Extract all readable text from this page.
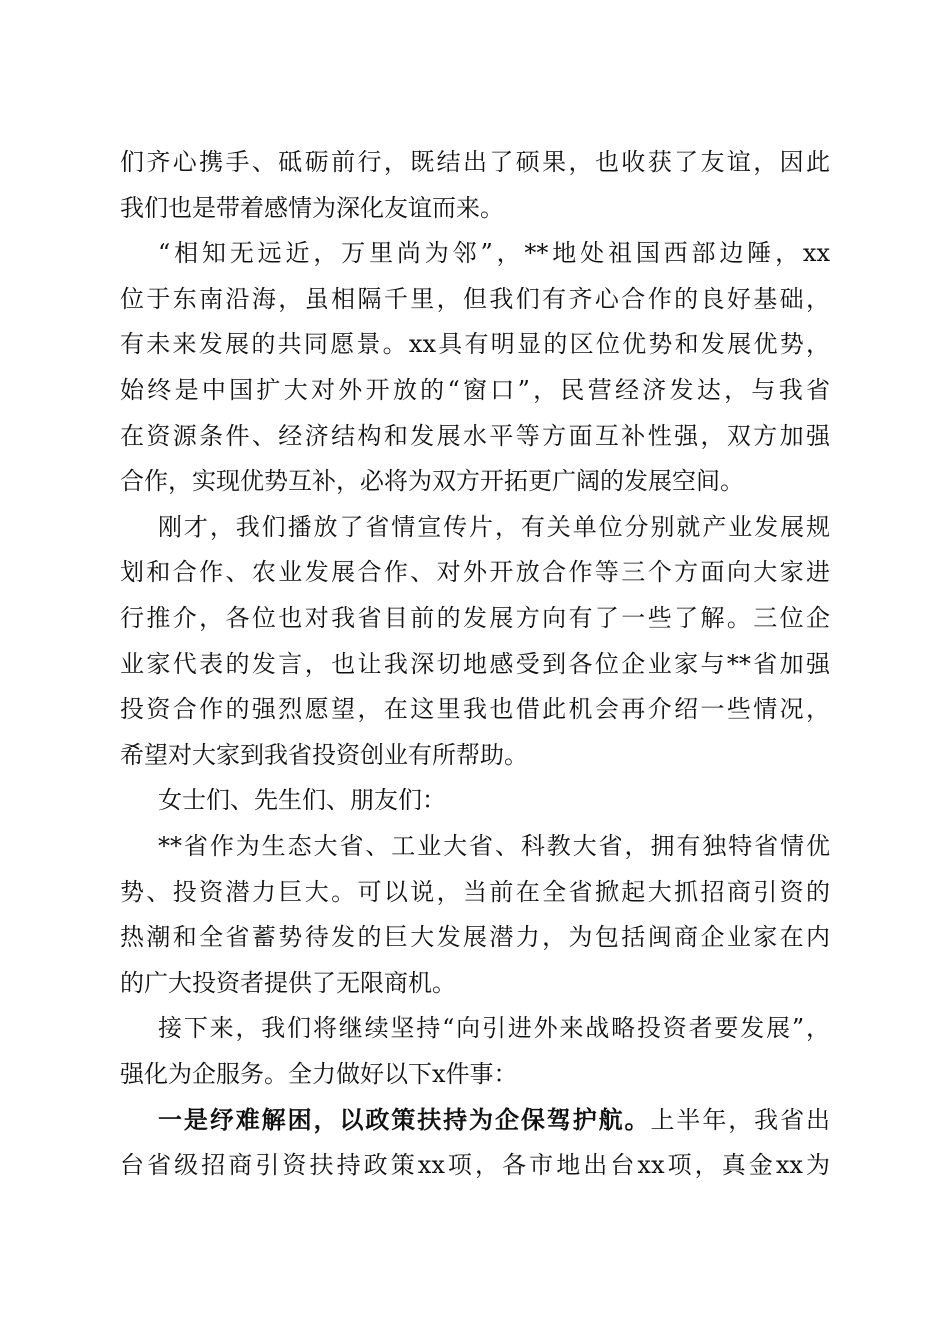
们齐心携手、砥砺前行，既结出了硕果，也收获了友谊，因此
我们也是带着感情为深化友谊而来。
“相知无远近，万里尚为邻”，**地处祖国西部边陲，xx
位于东南沿海，虽相隔千里，但我们有齐心合作的良好基础，
有未来发展的共同愿景。xx具有明显的区位优势和发展优势，
始终是中国扩大对外开放的“窗口”，民营经济发达，与我省
在资源条件、经济结构和发展水平等方面互补性强，双方加强
合作，实现优势互补，必将为双方开拓更广阔的发展空间。
刚才，我们播放了省情宣传片，有关单位分别就产业发展规
划和合作、农业发展合作、对外开放合作等三个方面向大家进
行推介，各位也对我省目前的发展方向有了一些了解。三位企
业家代表的发言，也让我深切地感受到各位企业家与**省加强
投资合作的强烈愿望，在这里我也借此机会再介绍一些情况，
希望对大家到我省投资创业有所帮助。
女士们、先生们、朋友们：
**省作为生态大省、工业大省、科教大省，拥有独特省情优
势、投资潜力巨大。可以说，当前在全省掀起大抓招商引资的
热潮和全省蓄势待发的巨大发展潜力，为包括闽商企业家在内
的广大投资者提供了无限商机。
接下来，我们将继续坚持“向引进外来战略投资者要发展”，
强化为企服务。全力做好以下x件事：
一是纾难解困，以政策扶持为企保驾护航。上半年，我省出
台省级招商引资扶持政策xx项，各市地出台xx项，真金xx为
